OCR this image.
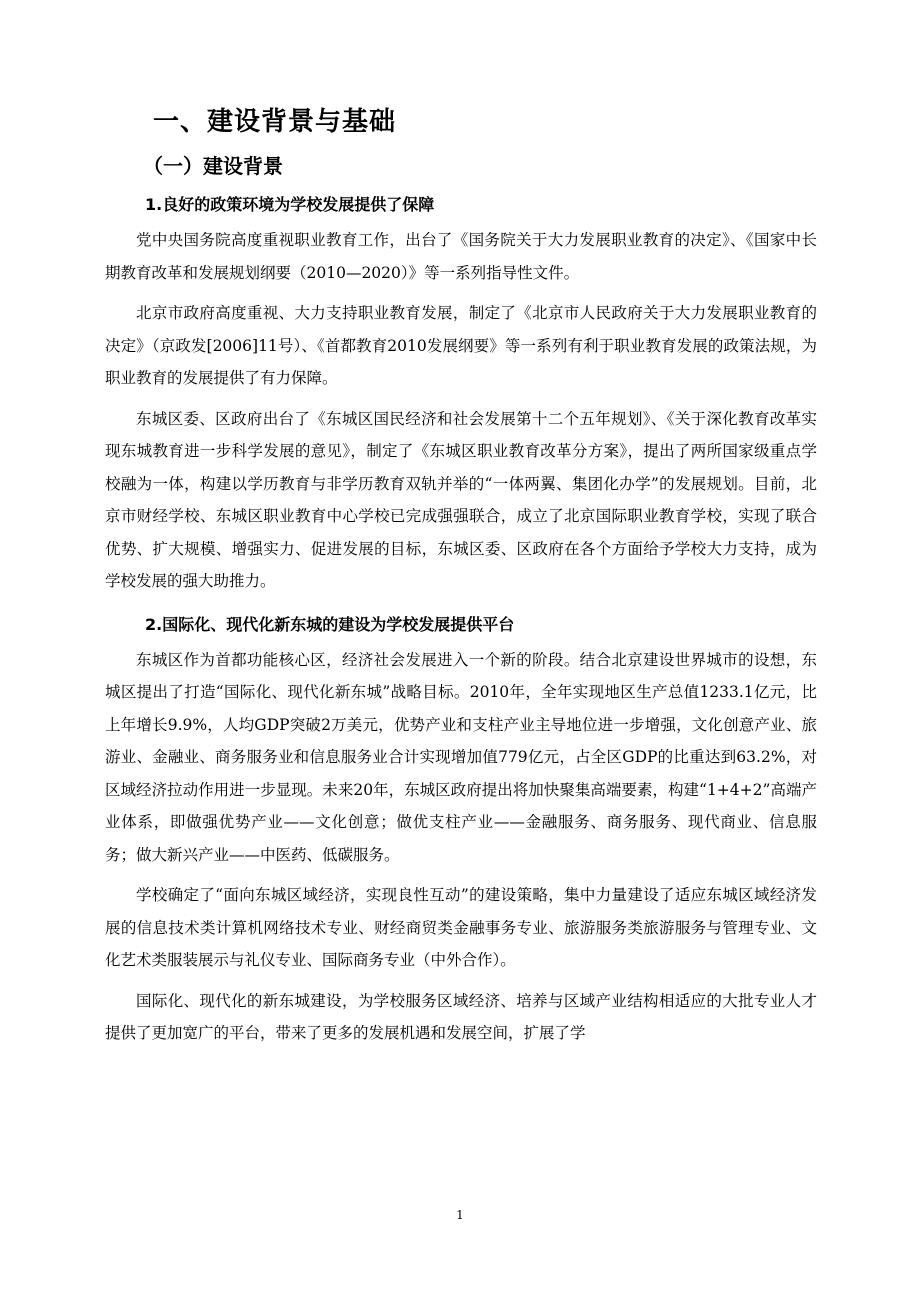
一、建设背景与基础
（一）建设背景
1.良好的政策环境为学校发展提供了保障

党中央国务院高度重视职业教育工作，出台了《国务院关于大力发展职业教育的决定》、《国家中长期教育改革和发展规划纲要（2010—2020）》等一系列指导性文件。

北京市政府高度重视、大力支持职业教育发展，制定了《北京市人民政府关于大力发展职业教育的决定》（京政发[2006]11号）、《首都教育2010发展纲要》等一系列有利于职业教育发展的政策法规，为职业教育的发展提供了有力保障。

东城区委、区政府出台了《东城区国民经济和社会发展第十二个五年规划》、《关于深化教育改革实现东城教育进一步科学发展的意见》，制定了《东城区职业教育改革分方案》，提出了两所国家级重点学校融为一体，构建以学历教育与非学历教育双轨并举的“一体两翼、集团化办学”的发展规划。目前，北京市财经学校、东城区职业教育中心学校已完成强强联合，成立了北京国际职业教育学校，实现了联合优势、扩大规模、增强实力、促进发展的目标，东城区委、区政府在各个方面给予学校大力支持，成为学校发展的强大助推力。

2.国际化、现代化新东城的建设为学校发展提供平台

东城区作为首都功能核心区，经济社会发展进入一个新的阶段。结合北京建设世界城市的设想，东城区提出了打造“国际化、现代化新东城”战略目标。2010年，全年实现地区生产总值1233.1亿元，比上年增长9.9%，人均GDP突破2万美元，优势产业和支柱产业主导地位进一步增强，文化创意产业、旅游业、金融业、商务服务业和信息服务业合计实现增加值779亿元，占全区GDP的比重达到63.2%，对区域经济拉动作用进一步显现。未来20年，东城区政府提出将加快聚集高端要素，构建“1+4+2”高端产业体系，即做强优势产业——文化创意；做优支柱产业——金融服务、商务服务、现代商业、信息服务；做大新兴产业——中医药、低碳服务。

学校确定了“面向东城区域经济，实现良性互动”的建设策略，集中力量建设了适应东城区域经济发展的信息技术类计算机网络技术专业、财经商贸类金融事务专业、旅游服务类旅游服务与管理专业、文化艺术类服装展示与礼仪专业、国际商务专业（中外合作）。

国际化、现代化的新东城建设，为学校服务区域经济、培养与区域产业结构相适应的大批专业人才提供了更加宽广的平台，带来了更多的发展机遇和发展空间，扩展了学

1
